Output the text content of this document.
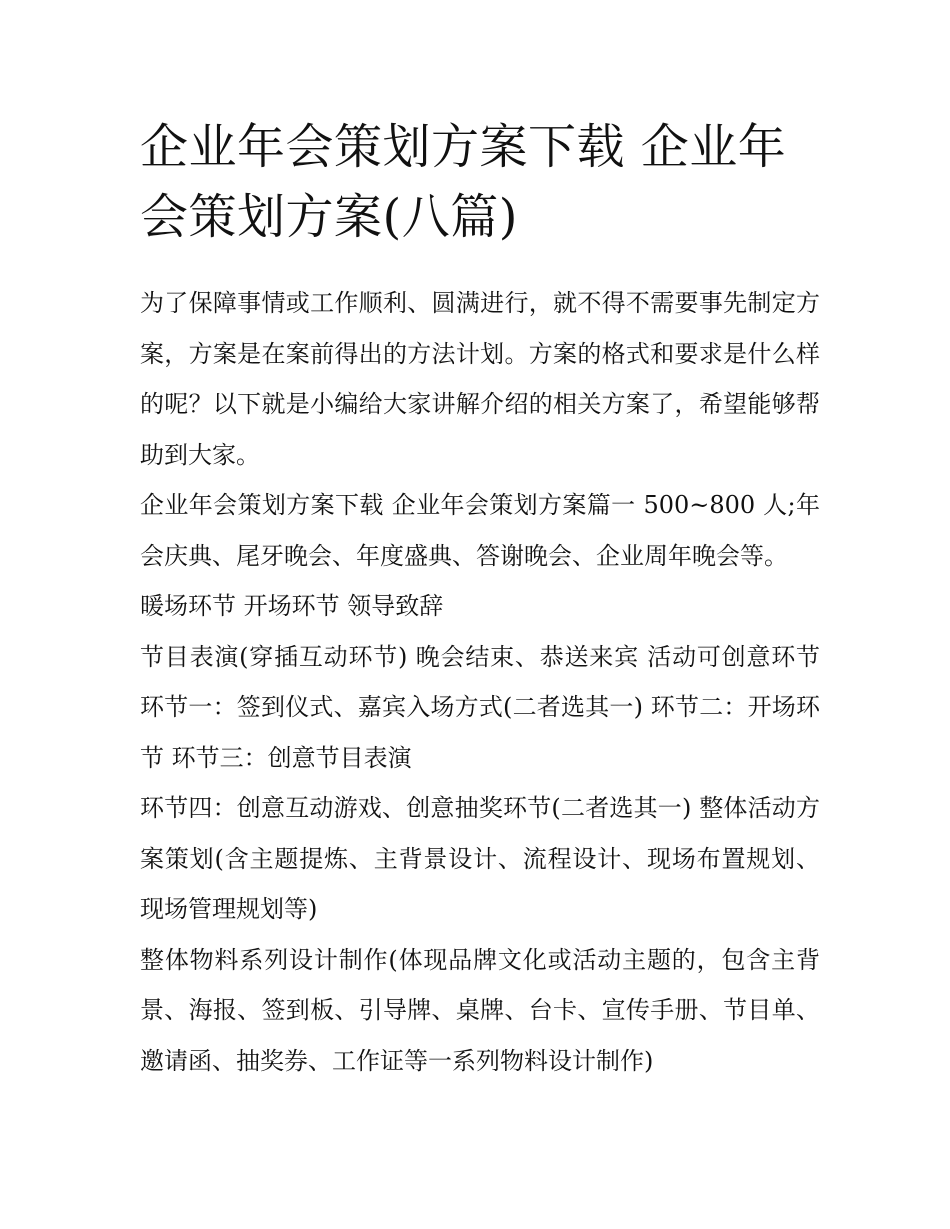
企业年会策划方案下载 企业年会策划方案(八篇)

为了保障事情或工作顺利、圆满进行，就不得不需要事先制定方案，方案是在案前得出的方法计划。方案的格式和要求是什么样的呢？以下就是小编给大家讲解介绍的相关方案了，希望能够帮助到大家。

企业年会策划方案下载 企业年会策划方案篇一 500~800 人;年会庆典、尾牙晚会、年度盛典、答谢晚会、企业周年晚会等。

暖场环节 开场环节 领导致辞

节目表演(穿插互动环节) 晚会结束、恭送来宾 活动可创意环节 环节一：签到仪式、嘉宾入场方式(二者选其一) 环节二：开场环节 环节三：创意节目表演

环节四：创意互动游戏、创意抽奖环节(二者选其一) 整体活动方案策划(含主题提炼、主背景设计、流程设计、现场布置规划、现场管理规划等)

整体物料系列设计制作(体现品牌文化或活动主题的，包含主背景、海报、签到板、引导牌、桌牌、台卡、宣传手册、节目单、邀请函、抽奖券、工作证等一系列物料设计制作)
